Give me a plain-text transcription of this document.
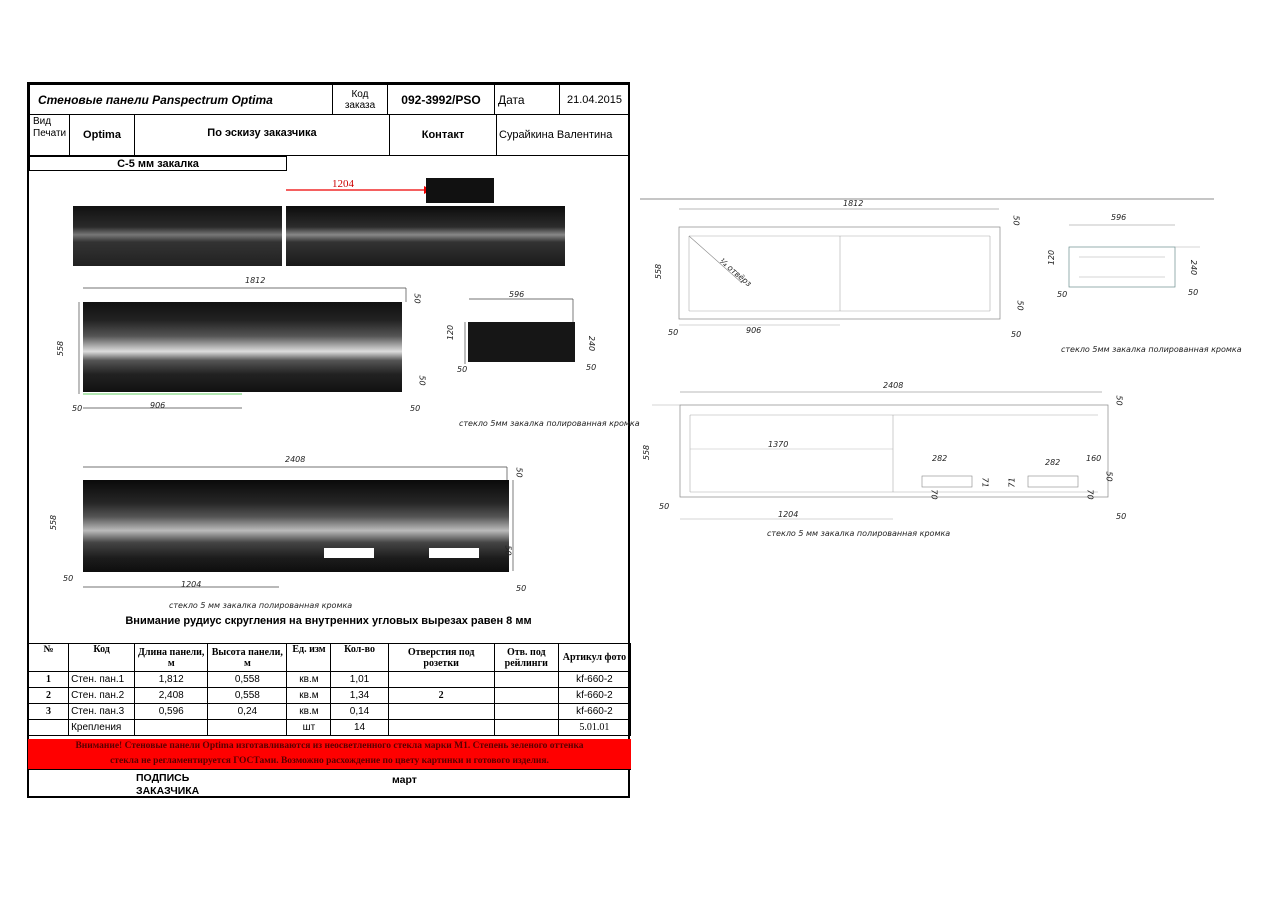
Стеновые панели Panspectrum Optima	Код заказа	092-3992/PSO	Дата	21.04.2015
Вид Печати	Optima	По эскизу заказчика	Контакт	Сурайкина Валентина
С-5 мм закалка
1204
1812
558
906
50
50
50	50
596
120
240
50	50
стекло 5мм закалка полированная кромка
2408
558
1204
50
50
50
50
стекло 5 мм закалка полированная кромка
Внимание рудиус скругления на внутренних угловых вырезах равен 8 мм
№	Код	Длина панели, м	Высота панели, м	Ед. изм	Кол-во	Отверстия под розетки	Отв. под рейлинги	Артикул фото
1	Стен. пан.1	1,812	0,558	кв.м	1,01			kf-660-2
2	Стен. пан.2	2,408	0,558	кв.м	1,34	2		kf-660-2
3	Стен. пан.3	0,596	0,24	кв.м	0,14			kf-660-2
	Крепления			шт	14			5.01.01
Внимание! Стеновые панели Optima изготавливаются из неосветленного стекла марки М1. Степень зеленого оттенка
стекла не регламентируется ГОСТами. Возможно расхождение по цвету картинки и готового изделия.
ПОДПИСЬ ЗАКАЗЧИКА
март
1812
558
906
50
50
50	50
¼ отвёрз
596
120
240
50	50
стекло 5мм закалка полированная кромка
2408
558
1370
282	282	160
71 71
70	70
1204
50
50
50
50
стекло 5 мм закалка полированная кромка
